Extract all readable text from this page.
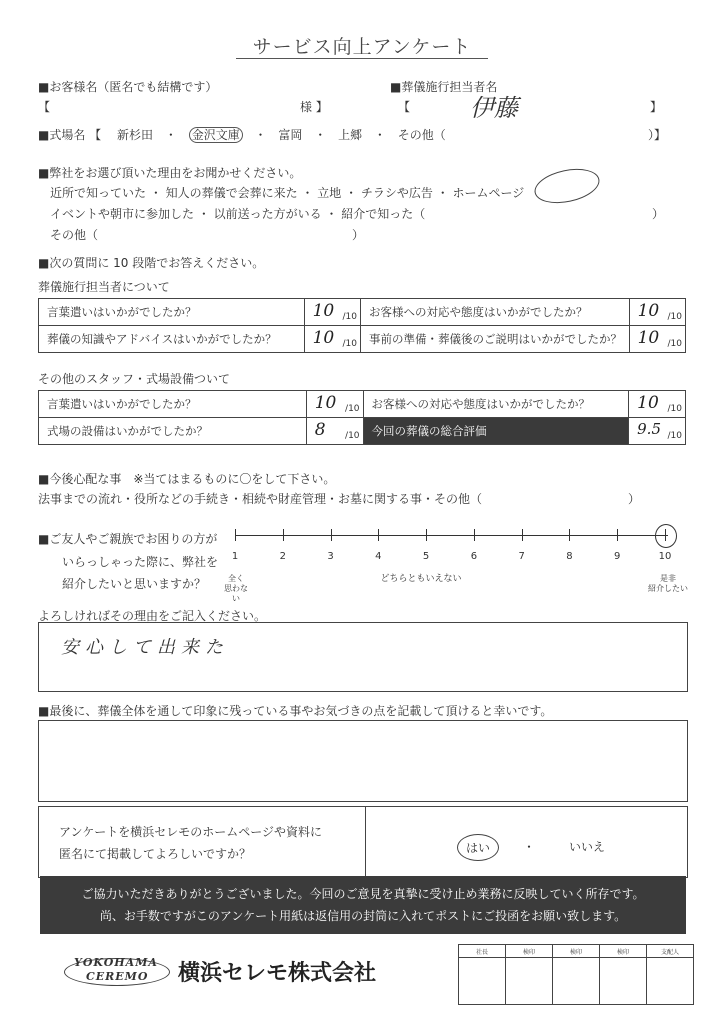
サービス向上アンケート
■お客様名（匿名でも結構です）
【	様 】
■葬儀施行担当者名
【 伊藤	】
■式場名 【 新杉田 ・ 金沢文庫 ・ 富岡 ・ 上郷 ・ その他（	）】
■弊社をお選び頂いた理由をお聞かせください。
近所で知っていた ・ 知人の葬儀で会葬に来た ・ 立地 ・ チラシや広告 ・ ホームページ
イベントや朝市に参加した ・ 以前送った方がいる ・ 紹介で知った（	）
その他（	）
■次の質問に 10 段階でお答えください。
葬儀施行担当者について
言葉遣いはいかがでしたか？	10 /10	お客様への対応や態度はいかがでしたか？	10 /10

葬儀の知識やアドバイスはいかがでしたか？	10 /10	事前の準備・葬儀後のご説明はいかがでしたか？	10 /10
その他のスタッフ・式場設備ついて
言葉遣いはいかがでしたか？	10 /10	お客様への対応や態度はいかがでしたか？	10 /10

式場の設備はいかがでしたか？	8 /10	今回の葬儀の総合評価	9.5 /10
■今後心配な事　※当てはまるものに〇をして下さい。
法事までの流れ・役所などの手続き・相続や財産管理・お墓に関する事・その他（	）
■ご友人やご親族でお困りの方が
いらっしゃった際に、弊社を
紹介したいと思いますか？
1	2	3	4	5	6	7	8	9	10
全く
思わない
どちらともいえない	是非
紹介したい
よろしければその理由をご記入ください。
安心して出来た
■最後に、葬儀全体を通して印象に残っている事やお気づきの点を記載して頂けると幸いです。
アンケートを横浜セレモのホームページや資料に
匿名にて掲載してよろしいですか？	はい	・	いいえ
ご協力いただきありがとうございました。今回のご意見を真摯に受け止め業務に反映していく所存です。
尚、お手数ですがこのアンケート用紙は返信用の封筒に入れてポストにご投函をお願い致します。
YOKOHAMA
CEREMO 横浜セレモ株式会社
社長	検印	検印	検印	支配人
